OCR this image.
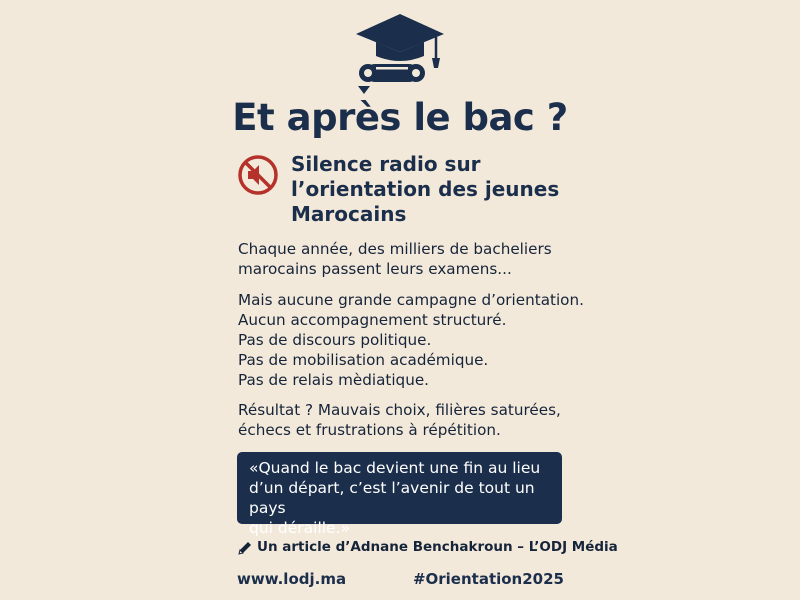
Et après le bac ?
Silence radio sur
l’orientation des jeunes
Marocains
Chaque année, des milliers de bacheliers
marocains passent leurs examens...
Mais aucune grande campagne d’orientation.
Aucun accompagnement structuré.
Pas de discours politique.
Pas de mobilisation académique.
Pas de relais mèdiatique.
Résultat ? Mauvais choix, filières saturées,
échecs et frustrations à répétition.
«Quand le bac devient une fin au lieu
d’un départ, c’est l’avenir de tout un pays
qui déraille.»
Un article d’Adnane Benchakroun – L’ODJ Média
www.lodj.ma	#Orientation2025
